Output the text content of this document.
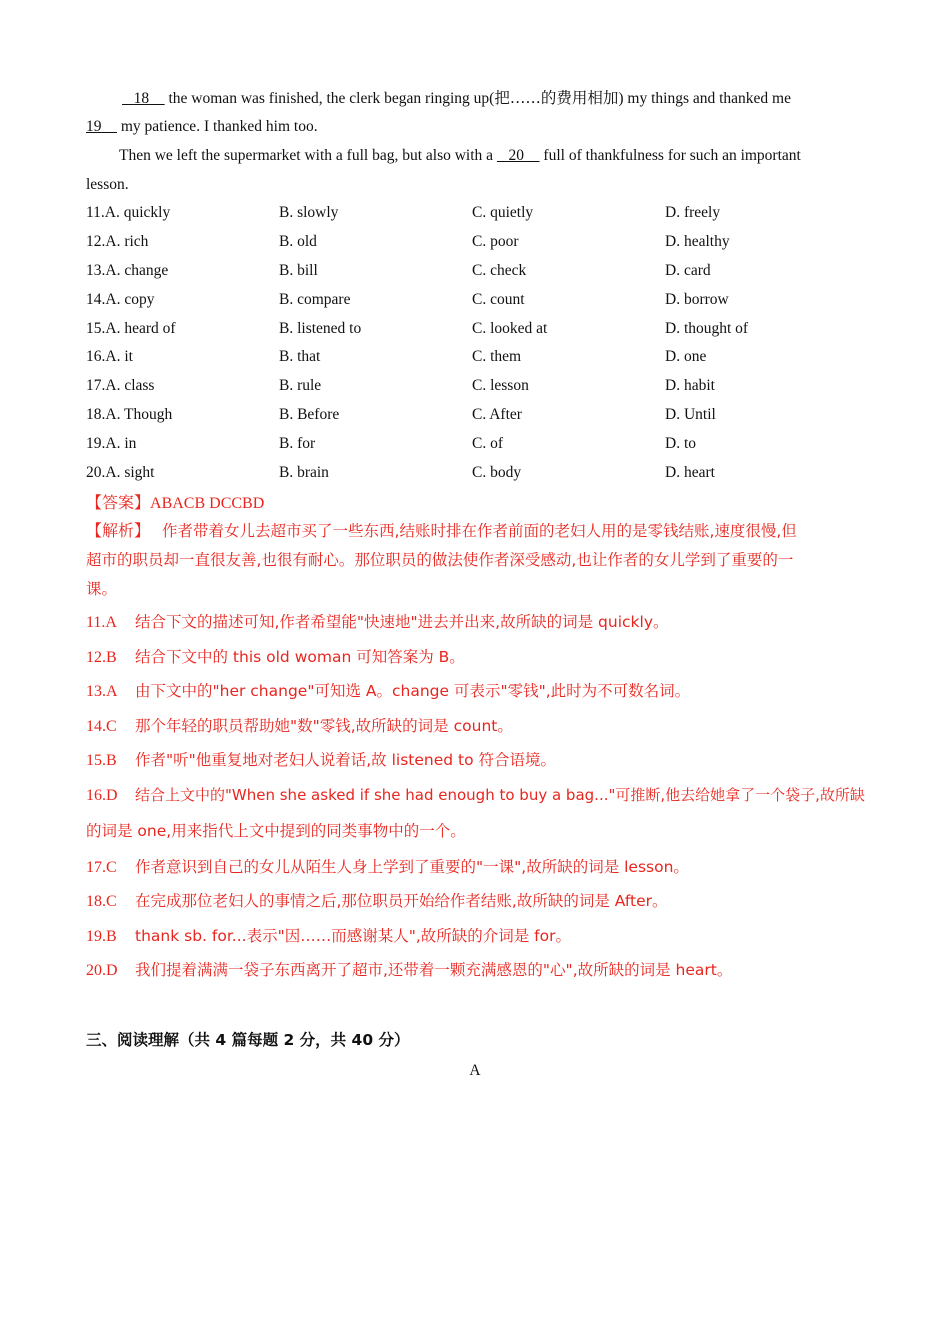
18     the woman was finished, the clerk began ringing up(把……的费用相加) my things and thanked me
19     my patience. I thanked him too.
Then we left the supermarket with a full bag, but also with a    20     full of thankfulness for such an important
lesson.
11.A. quickly	B. slowly	C. quietly	D. freely
12.A. rich	B. old	C. poor	D. healthy
13.A. change	B. bill	C. check	D. card
14.A. copy	B. compare	C. count	D. borrow
15.A. heard of	B. listened to	C. looked at	D. thought of
16.A. it	B. that	C. them	D. one
17.A. class	B. rule	C. lesson	D. habit
18.A. Though	B. Before	C. After	D. Until
19.A. in	B. for	C. of	D. to
20.A. sight	B. brain	C. body	D. heart
【答案】ABACB DCCBD
【解析】 作者带着女儿去超市买了一些东西,结账时排在作者前面的老妇人用的是零钱结账,速度很慢,但
超市的职员却一直很友善,也很有耐心。那位职员的做法使作者深受感动,也让作者的女儿学到了重要的一
课。
11.A 结合下文的描述可知,作者希望能"快速地"进去并出来,故所缺的词是 quickly。
12.B 结合下文中的 this old woman 可知答案为 B。
13.A 由下文中的"her change"可知选 A。change 可表示"零钱",此时为不可数名词。
14.C 那个年轻的职员帮助她"数"零钱,故所缺的词是 count。
15.B 作者"听"他重复地对老妇人说着话,故 listened to 符合语境。
16.D 结合上文中的"When she asked if she had enough to buy a bag..."可推断,他去给她拿了一个袋子,故所缺
的词是 one,用来指代上文中提到的同类事物中的一个。
17.C 作者意识到自己的女儿从陌生人身上学到了重要的"一课",故所缺的词是 lesson。
18.C 在完成那位老妇人的事情之后,那位职员开始给作者结账,故所缺的词是 After。
19.B thank sb. for...表示"因……而感谢某人",故所缺的介词是 for。
20.D 我们提着满满一袋子东西离开了超市,还带着一颗充满感恩的"心",故所缺的词是 heart。
三、阅读理解（共 4 篇每题 2 分，共 40 分）
A
